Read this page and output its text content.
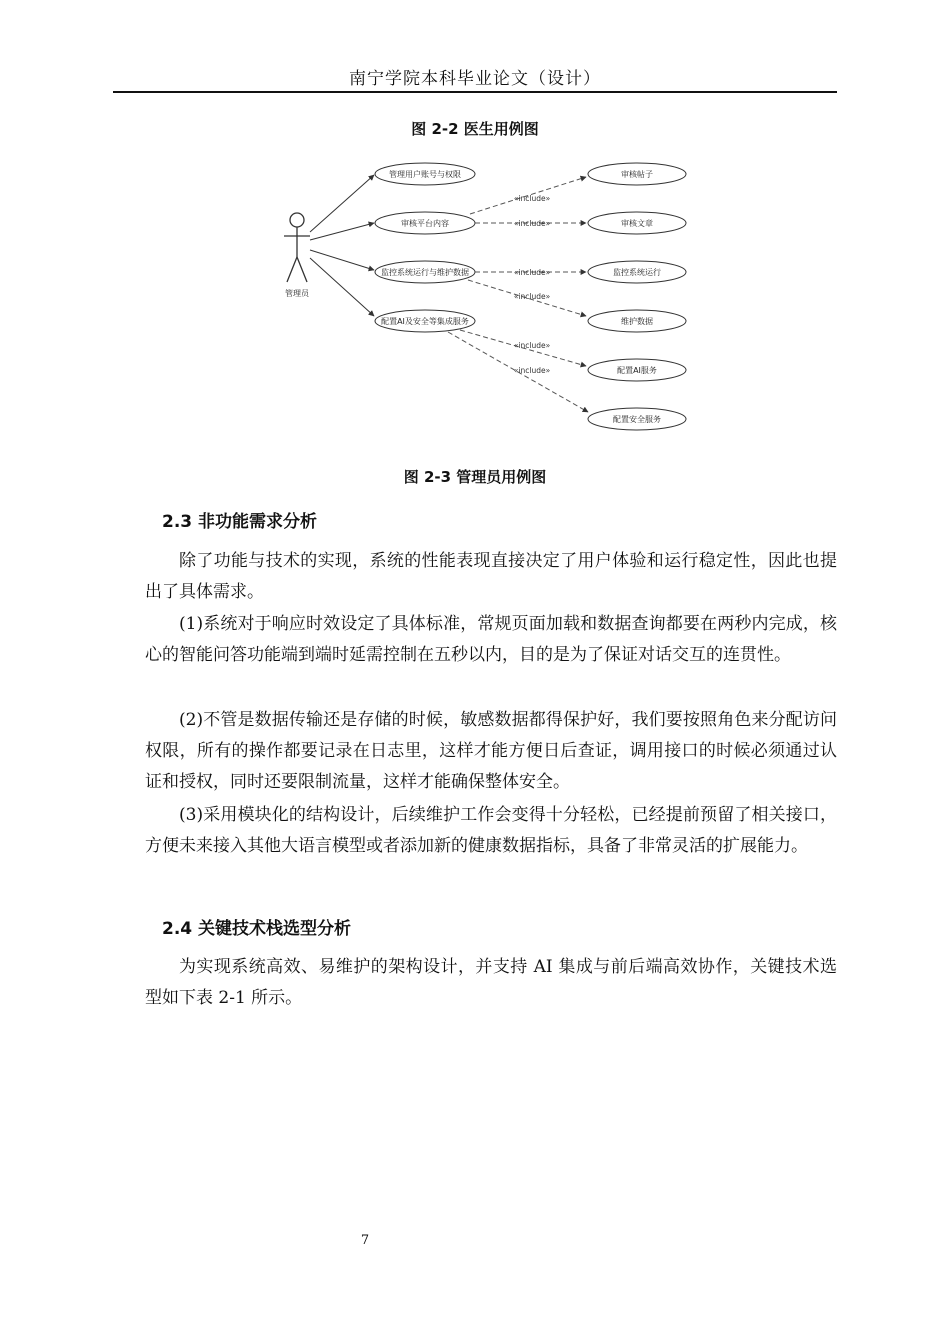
南宁学院本科毕业论文（设计）
图 2-2 医生用例图
管理员
管理用户账号与权限
审核平台内容
监控系统运行与维护数据
配置AI及安全等集成服务
«include»
«include»
«include»
«include»
«include»
«include»
审核帖子
审核文章
监控系统运行
维护数据
配置AI服务
配置安全服务
图 2-3 管理员用例图
2.3 非功能需求分析
除了功能与技术的实现，系统的性能表现直接决定了用户体验和运行稳定性，因此也提出了具体需求。
(1)系统对于响应时效设定了具体标准，常规页面加载和数据查询都要在两秒内完成，核心的智能问答功能端到端时延需控制在五秒以内，目的是为了保证对话交互的连贯性。
(2)不管是数据传输还是存储的时候，敏感数据都得保护好，我们要按照角色来分配访问权限，所有的操作都要记录在日志里，这样才能方便日后查证，调用接口的时候必须通过认证和授权，同时还要限制流量，这样才能确保整体安全。
(3)采用模块化的结构设计，后续维护工作会变得十分轻松，已经提前预留了相关接口，方便未来接入其他大语言模型或者添加新的健康数据指标，具备了非常灵活的扩展能力。
2.4 关键技术栈选型分析
为实现系统高效、易维护的架构设计，并支持 AI 集成与前后端高效协作，关键技术选型如下表 2-1 所示。
7
